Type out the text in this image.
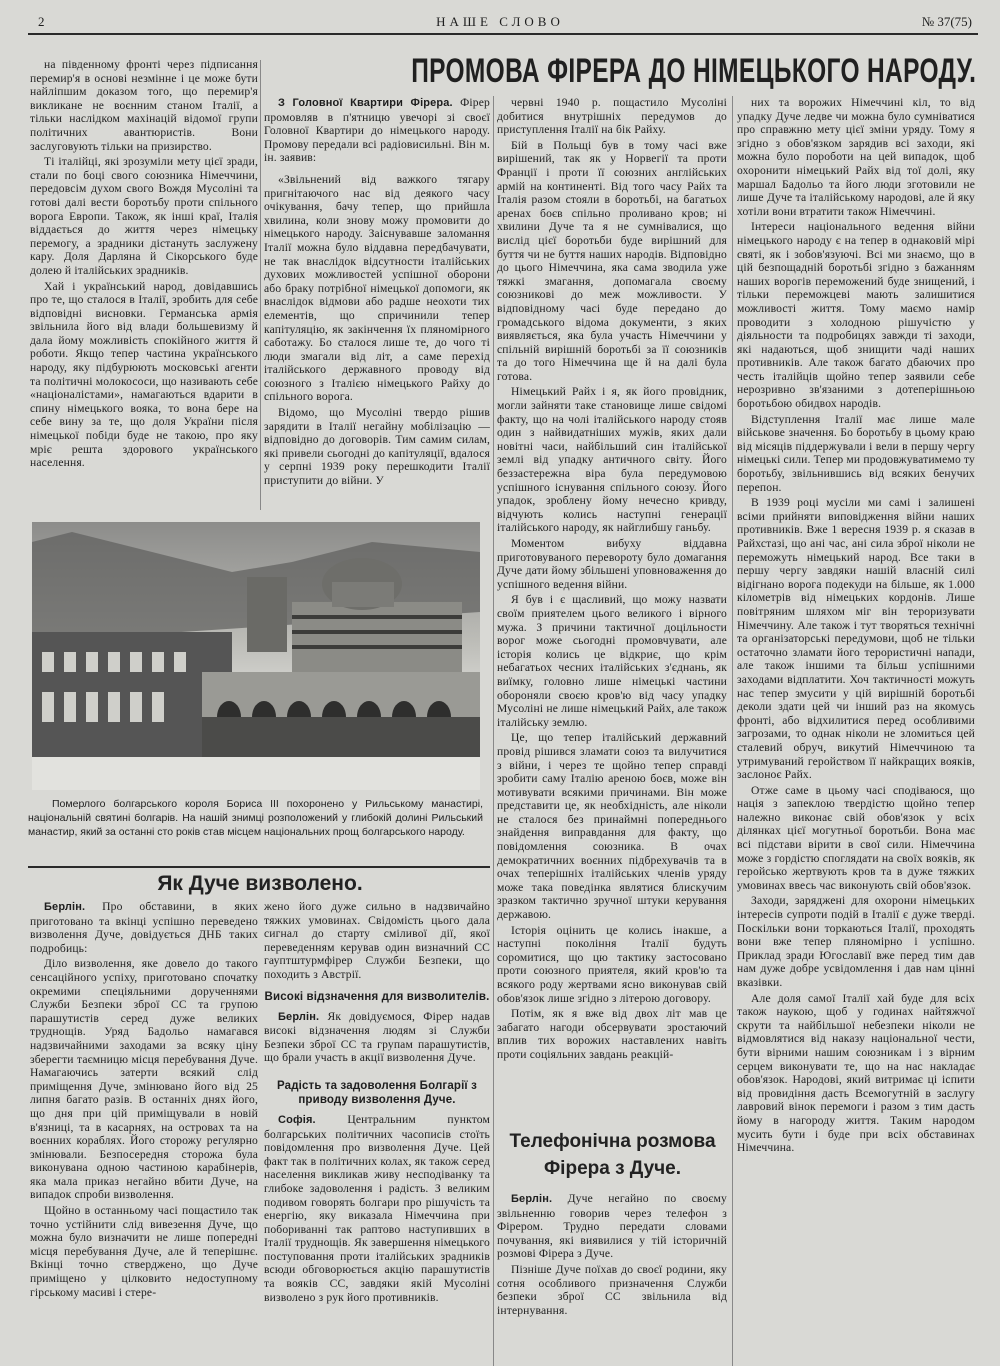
2	НАШЕ СЛОВО	№ 37(75)
ПРОМОВА ФІРЕРА ДО НІМЕЦЬКОГО НАРОДУ.

на південному фронті через підписання перемир'я в основі незмінне і це може бути найліпшим доказом того, що перемир'я викликане не воєнним станом Італії, а тільки наслідком махінацій відомої групи політичних авантюристів. Вони заслуговують тільки на призирство.

Ті італійці, які зрозуміли мету цієї зради, стали по боці свого союзника Німеччини, передовсім духом свого Вождя Мусоліні та готові далі вести боротьбу проти спільного ворога Европи. Також, як інші краї, Італія віддається до життя через німецьку перемогу, а зрадники дістануть заслужену кару. Доля Дарляна й Сікорського буде долею й італійських зрадників.

Хай і український народ, довідавшись про те, що сталося в Італії, зробить для себе відповідні висновки. Германська армія звільнила його від влади большевизму й дала йому можливість спокійного життя й роботи. Якщо тепер частина українського народу, яку підбурюють московські агенти та політичні молокососи, що називають себе «націоналістами», намагаються вдарити в спину німецького вояка, то вона бере на себе вину за те, що доля України після німецької побіди буде не такою, про яку мріє решта здорового українського населення.

З Головної Квартири Фірера. Фірер промовляв в п'ятницю увечорі зі своєї Головної Квартири до німецького народу. Промову передали всі радіовисильні. Він м. ін. заявив:

«Звільнений від важкого тягару пригнітаючого нас від деякого часу очікування, бачу тепер, що прийшла хвилина, коли знову можу промовити до німецького народу. Заіснувавше заломання Італії можна було віддавна передбачувати, не так внаслідок відсутности італійських духових можливостей успішної оборони або браку потрібної німецької допомоги, як внаслідок відмови або радше неохоти тих елементів, що спричинили тепер капітуляцію, як закінчення їх пляномірного саботажу. Бо сталося лише те, до чого ті люди змагали від літ, а саме перехід італійського державного проводу від союзного з Італією німецького Райху до спільного ворога.

Відомо, що Мусоліні твердо рішив зарядити в Італії негайну мобілізацію — відповідно до договорів. Тим самим силам, які привели сьогодні до капітуляції, вдалося у серпні 1939 року перешкодити Італії приступити до війни. У

червні 1940 р. пощастило Мусоліні добитися внутрішніх передумов до приступлення Італії на бік Райху.

Бій в Польщі був в тому часі вже вирішений, так як у Норвегії та проти Франції і проти її союзних англійських армій на континенті. Від того часу Райх та Італія разом стояли в боротьбі, на багатьох аренах боєв спільно проливано кров; ні хвилини Дуче та я не сумнівалися, що вислід цієї боротьби буде вирішний для буття чи не буття наших народів. Відповідно до цього Німеччина, яка сама зводила уже тяжкі змагання, допомагала своєму союзникові до меж можливости. У відповідному часі буде передано до громадського відома документи, з яких виявляється, яка була участь Німеччини у спільній вирішній боротьбі за її союзників та до того Німеччина ще й на далі була готова.

Німецький Райх і я, як його провідник, могли зайняти таке становище лише свідомі факту, що на чолі італійського народу стояв один з найвидатніших мужів, яких дали новітні часи, найбільший син італійської землі від упадку античного світу. Його беззастережна віра була передумовою успішного існування спільного союзу. Його упадок, зроблену йому нечесно кривду, відчують колись наступні генерації італійського народу, як найглибшу ганьбу.

Моментом вибуху віддавна приготовуваного перевороту було домагання Дуче дати йому збільшені уповноваження до успішного ведення війни.

Я був і є щасливий, що можу назвати своїм приятелем цього великого і вірного мужа. З причини тактичної доцільности ворог може сьогодні промовчувати, але історія колись це відкриє, що крім небагатьох чесних італійських з'єднань, як виїмку, головно лише німецькі частини обороняли своєю кров'ю від часу упадку Мусоліні не лише німецький Райх, але також італійську землю.

Це, що тепер італійський державний провід рішився зламати союз та вилучитися з війни, і через те щойно тепер справді зробити саму Італію ареною боєв, може він мотивувати всякими причинами. Він може представити це, як необхідність, але ніколи не сталося без принаймні попереднього знайдення виправдання для факту, що повідомлення союзника. В очах демократичних воєнних підбрехувачів та в очах теперішніх італійських членів уряду може така поведінка являтися блискучим зразком тактично зручної штуки керування державою.

Історія оцінить це колись інакше, а наступні покоління Італії будуть соромитися, що цю тактику застосовано проти союзного приятеля, який кров'ю та всякого роду жертвами ясно виконував свій обов'язок лише згідно з літерою договору.

Потім, як я вже від двох літ мав це забагато нагоди обсервувати зростаючий вплив тих ворожих наставлених навіть проти соціяльних завдань реакцій-

них та ворожих Німеччині кіл, то від упадку Дуче ледве чи можна було сумніватися про справжню мету цієї зміни уряду. Тому я згідно з обов'язком зарядив всі заходи, які можна було пороботи на цей випадок, щоб охоронити німецький Райх від тої долі, яку маршал Бадольо та його люди зготовили не лише Дуче та італійському народові, але й яку хотіли вони втратити також Німеччині.

Інтереси національного ведення війни німецького народу є на тепер в однаковій мірі святі, як і зобов'язуючі. Всі ми знаємо, що в цій безпощадній боротьбі згідно з бажанням наших ворогів переможений буде знищений, і тільки переможцеві мають залишитися можливості життя. Тому маємо намір проводити з холодною рішучістю у діяльности та подробицях завжди ті заходи, які надаються, щоб знищити чаді наших противників. Але також багато дбаючих про честь італійців щойно тепер заявили себе нерозривно зв'язаними з дотеперішньою боротьбою обидвох народів.

Відступлення Італії має лише мале військове значення. Бо боротьбу в цьому краю від місяців піддержували і вели в першу чергу німецькі сили. Тепер ми продовжуватимемо ту боротьбу, звільнившись від всяких бенучих перепон.

В 1939 році мусіли ми самі і залишені всіми прийняти виповідження війни наших противників. Вже 1 вересня 1939 р. я сказав в Райхстазі, що ані час, ані сила зброї ніколи не переможуть німецький народ. Все таки в першу чергу завдяки нашій власній силі відігнано ворога подекуди на більше, як 1.000 кілометрів від німецьких кордонів. Лише повітряним шляхом міг він тероризувати Німеччину. Але також і тут творяться технічні та організаторські передумови, щоб не тільки остаточно зламати його терористичні напади, але також іншими та більш успішними заходами відплатити. Хоч тактичності можуть нас тепер змусити у цій вирішній боротьбі деколи здати цей чи інший раз на якомусь фронті, або відхилитися перед особливими загрозами, то однак ніколи не зломиться цей сталевий обруч, викутий Німеччиною та утримуваний геройством її найкращих вояків, заслоноє Райх.

Отже саме в цьому часі сподіваюся, що нація з запеклою твердістю щойно тепер належно виконає свій обов'язок у всіх ділянках цієї могутньої боротьби. Вона має всі підстави вірити в свої сили. Німеччина може з гордістю споглядати на своїх вояків, як геройсько жертвують кров та в дуже тяжких умовинах ввесь час виконують свій обов'язок.

Заходи, заряджені для охорони німецьких інтересів супроти подій в Італії є дуже тверді. Поскільки вони торкаються Італії, проходять вони вже тепер пляномірно і успішно. Приклад зради Югославії вже перед тим дав нам дуже добре усвідомлення і дав нам цінні вказівки.

Але доля самої Італії хай буде для всіх також наукою, щоб у годинах найтяжчої скрути та найбільшої небезпеки ніколи не відмовлятися від наказу національної чести, бути вірними нашим союзникам і з вірним серцем виконувати те, що на нас накладає обов'язок. Народові, який витримає ці іспити від провидіння дасть Всемогутній в заслугу лавровий вінок перемоги і разом з тим дасть йому в нагороду життя. Таким народом мусить бути і буде при всіх обставинах Німеччина.

Померлого болгарського короля Бориса III похоронено у Рильському манастирі, національній святині болгарів. На нашій знимці розположений у глибокій долині Рильський манастир, який за останні сто років став місцем національних прощ болгарського народу.
Як Дуче визволено.

Берлін. Про обставини, в яких приготовано та вкінці успішно переведено визволення Дуче, довідується ДНБ таких подробиць:

Діло визволення, яке довело до такого сенсаційного успіху, приготовано спочатку окремими спеціяльними дорученнями Служби Безпеки зброї СС та групою парашутистів серед дуже великих труднощів. Уряд Бадольо намагався надзвичайними заходами за всяку ціну зберегти таємницю місця перебування Дуче. Намагаючись затерти всякий слід приміщення Дуче, змінювано його від 25 липня багато разів. В останніх днях його, що дня при цій приміщували в новій в'язниці, та в касарнях, на островах та на воєнних кораблях. Його сторожу регулярно змінювали. Безпосередня сторожа була виконувана одною частиною карабінерів, яка мала приказ негайно вбити Дуче, на випадок спроби визволення.

Щойно в останньому часі пощастило так точно устійнити слід вивезення Дуче, що можна було визначити не лише попередні місця перебування Дуче, але й теперішнє. Вкінці точно стверджено, що Дуче приміщено у цілковито недоступному гірському масиві і стере-

жено його дуже сильно в надзвичайно тяжких умовинах. Свідомість цього дала сигнал до старту сміливої дії, якої переведенням керував один визначний СС гауптштурмфірер Служби Безпеки, що походить з Австрії.

Високі відзначення для визволителів.

Берлін. Як довідуємося, Фірер надав високі відзначення людям зі Служби Безпеки зброї СС та групам парашутистів, що брали участь в акції визволення Дуче.

Радість та задоволення Болгарії з приводу визволення Дуче.

Софія.	Центральним пунктом болгарських політичних часописів стоїть повідомлення про визволення Дуче. Цей факт так в політичних колах, як також серед населення викликав живу несподіванку та глибоке задоволення і радість. З великим подивом говорять болгари про рішучість та енергію, яку виказала Німеччина при побориванні так раптово наступивших в Італії труднощів. Як завершення німецького поступовання проти італійських зрадників всюди обговорюється акцію парашутистів та вояків СС, завдяки якій Мусоліні визволено з рук його противників.

Телефонічна розмова
Фірера з Дуче.

Берлін. Дуче негайно по своєму звільненню говорив через телефон з Фірером. Трудно передати словами почування, які виявилися у тій історичній розмові Фірера з Дуче.

Пізніше Дуче поїхав до своєї родини, яку сотня особливого призначення Служби безпеки зброї СС звільнила від інтернування.
